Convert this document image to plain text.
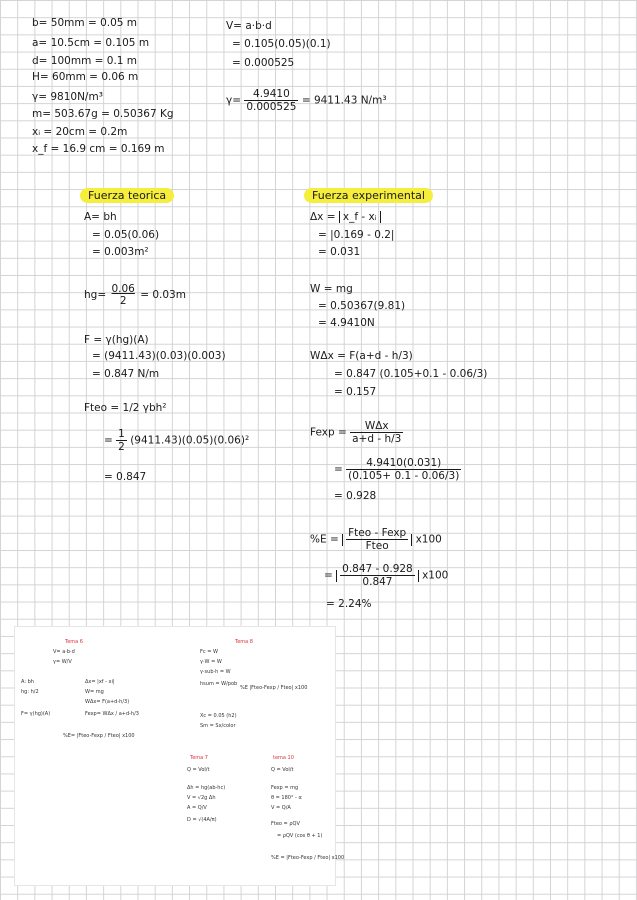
b= 50mm = 0.05 m
a= 10.5cm = 0.105 m
d= 100mm = 0.1 m
H= 60mm = 0.06 m
γ= 9810N/m³
m= 503.67g = 0.50367 Kg
xᵢ = 20cm = 0.2m
x_f = 16.9 cm = 0.169 m
V= a·b·d
= 0.105(0.05)(0.1)
= 0.000525
$\gamma= \frac{4.9410}{0.000525} = 9411.43$ N/m³
Fuerza teorica
A= bh
= 0.05(0.06)
= 0.003m²
$hg= \frac{0.06}{2} = 0.03m$
F = γ(hg)(A)
= (9411.43)(0.03)(0.003)
= 0.847 N/m
Fteo = 1/2 γbh²
= $\frac{1}{2} (9411.43)(0.05)(0.06)^2$
= 0.847
Fuerza experimental
Δx = x_f - xᵢ
= |0.169 - 0.2|
= 0.031
W = mg
= 0.50367(9.81)
= 4.9410N
WΔx = F(a+d - h/3)
= 0.847 (0.105+0.1 - 0.06/3)
= 0.157
$Fexp = \frac{\text{WΔx}}{a+d - h/3}$
= $\frac{4.9410(0.031)}{(0.105+ 0.1 - 0.06/3)}$
= 0.928
$\%E = \frac{\text{Fteo - Fexp}}{\text{Fteo}} x100$
= $\frac{0.847 - 0.928}{0.847} x100$
= 2.24%
Tema 6	Tema 8
V= a·b·d
γ= W/V
A: bh
hg: h/2
F= γ(hg)(A)
Δx= |xf - xi|
W= mg
WΔx= F(a+d-h/3)
Fexp= WΔx / a+d-h/3
%E= |Fteo-Fexp / Fteo| x100
Fc = W
γ·W = W
γ·sub·h = W
hsum = W/pob
%E |Fteo-Fexp / Fteo| x100
Xc = 0.05 (h2)
Sm = Sx/color
Tema 7	tema 10
Q = Vol/t
Δh = hg(ab-hc)
V = √2g Δh
A = Q/V
D = √(4A/π)
Q = Vol/t
Fexp = mg
θ = 180° - α
V = Q/A
Fteo = ρQV
= ρQV (cos θ + 1)
%E = |Fteo-Fexp / Fteo| x100
